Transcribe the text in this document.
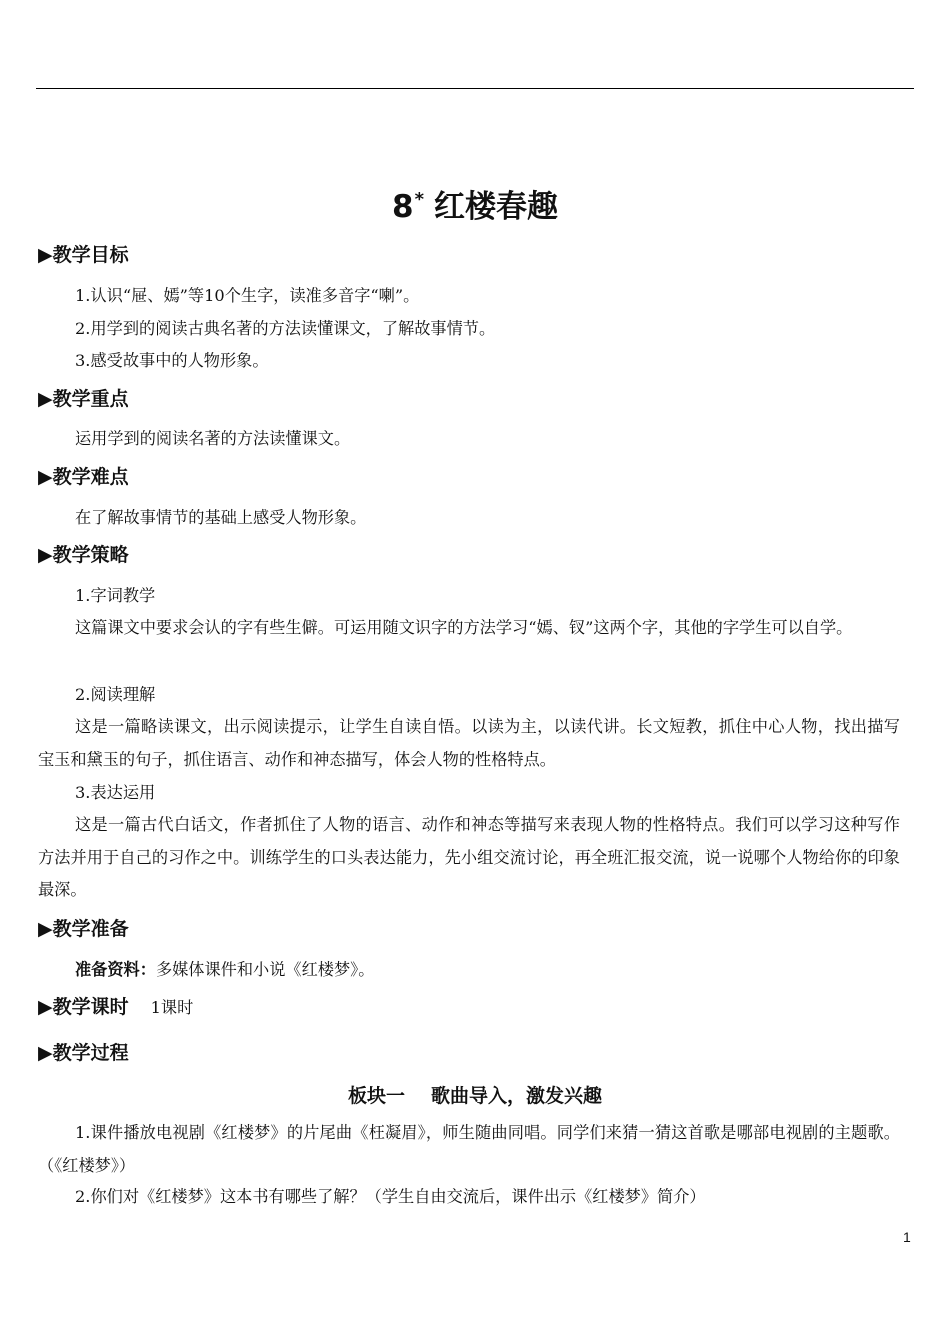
8* 红楼春趣
▶教学目标
1.认识“屉、嫣”等10个生字，读准多音字“喇”。
2.用学到的阅读古典名著的方法读懂课文，了解故事情节。
3.感受故事中的人物形象。
▶教学重点
运用学到的阅读名著的方法读懂课文。
▶教学难点
在了解故事情节的基础上感受人物形象。
▶教学策略
1.字词教学
这篇课文中要求会认的字有些生僻。可运用随文识字的方法学习“嫣、钗”这两个字，其他的字学生可以自学。
2.阅读理解
这是一篇略读课文，出示阅读提示，让学生自读自悟。以读为主，以读代讲。长文短教，抓住中心人物，找出描写宝玉和黛玉的句子，抓住语言、动作和神态描写，体会人物的性格特点。
3.表达运用
这是一篇古代白话文，作者抓住了人物的语言、动作和神态等描写来表现人物的性格特点。我们可以学习这种写作方法并用于自己的习作之中。训练学生的口头表达能力，先小组交流讨论，再全班汇报交流，说一说哪个人物给你的印象最深。
▶教学准备
准备资料：多媒体课件和小说《红楼梦》。
▶教学课时 1课时
▶教学过程
板块一 歌曲导入，激发兴趣
1.课件播放电视剧《红楼梦》的片尾曲《枉凝眉》，师生随曲同唱。同学们来猜一猜这首歌是哪部电视剧的主题歌。（《红楼梦》）
2.你们对《红楼梦》这本书有哪些了解？（学生自由交流后，课件出示《红楼梦》简介）
1
